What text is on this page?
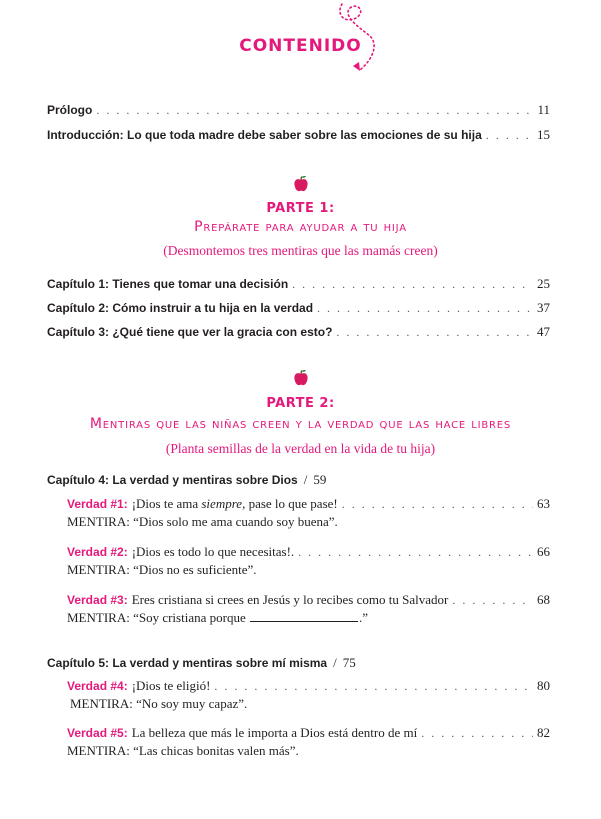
CONTENIDO
Prólogo . . .	11
Introducción: Lo que toda madre debe saber sobre las emociones de su hija . . .	15
PARTE 1:
Prepárate para ayudar a tu hija
(Desmontemos tres mentiras que las mamás creen)
Capítulo 1: Tienes que tomar una decisión . . .	25
Capítulo 2: Cómo instruir a tu hija en la verdad . . .	37
Capítulo 3: ¿Qué tiene que ver la gracia con esto? . . .	47
PARTE 2:
Mentiras que las niñas creen y la verdad que las hace libres
(Planta semillas de la verdad en la vida de tu hija)
Capítulo 4: La verdad y mentiras sobre Dios / 59
Verdad #1: ¡Dios te ama siempre, pase lo que pase! . . .	63
MENTIRA: “Dios solo me ama cuando soy buena”.
Verdad #2: ¡Dios es todo lo que necesitas!. . . .	66
MENTIRA: “Dios no es suficiente”.
Verdad #3: Eres cristiana si crees en Jesús y lo recibes como tu Salvador . . .	68
MENTIRA: “Soy cristiana porque	.”
Capítulo 5: La verdad y mentiras sobre mí misma / 75
Verdad #4: ¡Dios te eligió! . . .	80
MENTIRA: “No soy muy capaz”.
Verdad #5: La belleza que más le importa a Dios está dentro de mí . . .	82
MENTIRA: “Las chicas bonitas valen más”.
